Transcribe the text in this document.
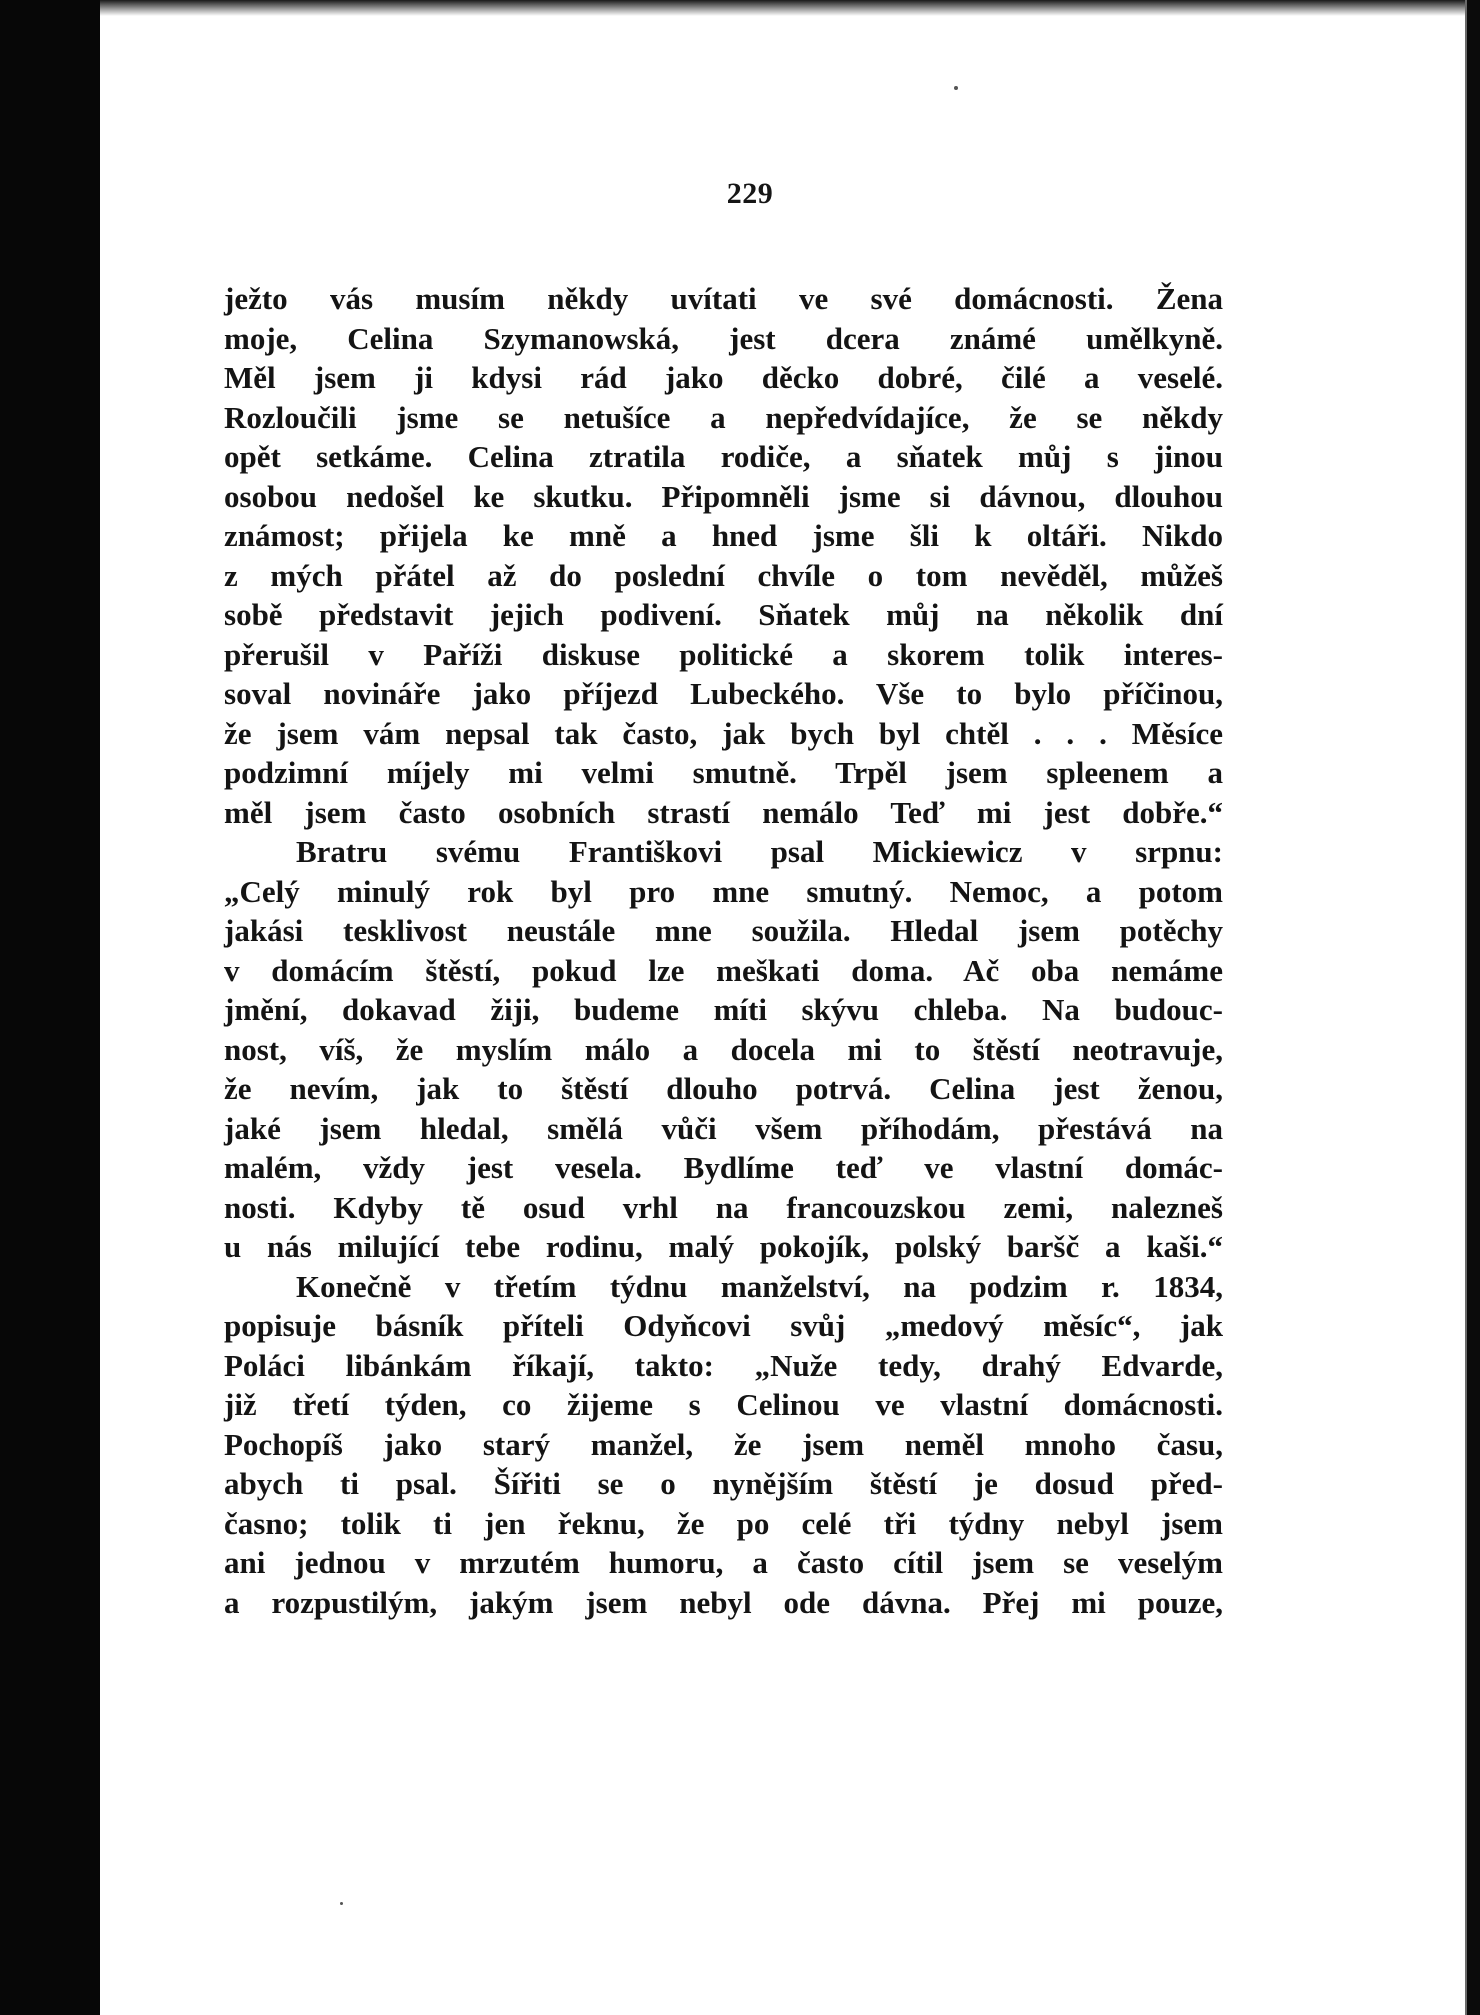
229
ježto vás musím někdy uvítati ve své domácnosti. Žena
moje, Celina Szymanowská, jest dcera známé umělkyně.
Měl jsem ji kdysi rád jako děcko dobré, čilé a veselé.
Rozloučili jsme se netušíce a nepředvídajíce, že se někdy
opět setkáme. Celina ztratila rodiče, a sňatek můj s jinou
osobou nedošel ke skutku. Připomněli jsme si dávnou, dlouhou
známost; přijela ke mně a hned jsme šli k oltáři. Nikdo
z mých přátel až do poslední chvíle o tom nevěděl, můžeš
sobě představit jejich podivení. Sňatek můj na několik dní
přerušil v Paříži diskuse politické a skorem tolik interes-
soval novináře jako příjezd Lubeckého. Vše to bylo příčinou,
že jsem vám nepsal tak často, jak bych byl chtěl . . . Měsíce
podzimní míjely mi velmi smutně. Trpěl jsem spleenem a
měl jsem často osobních strastí nemálo Teď mi jest dobře.“
Bratru svému Františkovi psal Mickiewicz v srpnu:
„Celý minulý rok byl pro mne smutný. Nemoc, a potom
jakási tesklivost neustále mne soužila. Hledal jsem potěchy
v domácím štěstí, pokud lze meškati doma. Ač oba nemáme
jmění, dokavad žiji, budeme míti skývu chleba. Na budouc-
nost, víš, že myslím málo a docela mi to štěstí neotravuje,
že nevím, jak to štěstí dlouho potrvá. Celina jest ženou,
jaké jsem hledal, smělá vůči všem příhodám, přestává na
malém, vždy jest vesela. Bydlíme teď ve vlastní domác-
nosti. Kdyby tě osud vrhl na francouzskou zemi, nalezneš
u nás milující tebe rodinu, malý pokojík, polský baršč a kaši.“
Konečně v třetím týdnu manželství, na podzim r. 1834,
popisuje básník příteli Odyňcovi svůj „medový měsíc“, jak
Poláci libánkám říkají, takto: „Nuže tedy, drahý Edvarde,
již třetí týden, co žijeme s Celinou ve vlastní domácnosti.
Pochopíš jako starý manžel, že jsem neměl mnoho času,
abych ti psal. Šířiti se o nynějším štěstí je dosud před-
časno; tolik ti jen řeknu, že po celé tři týdny nebyl jsem
ani jednou v mrzutém humoru, a často cítil jsem se veselým
a rozpustilým, jakým jsem nebyl ode dávna. Přej mi pouze,
